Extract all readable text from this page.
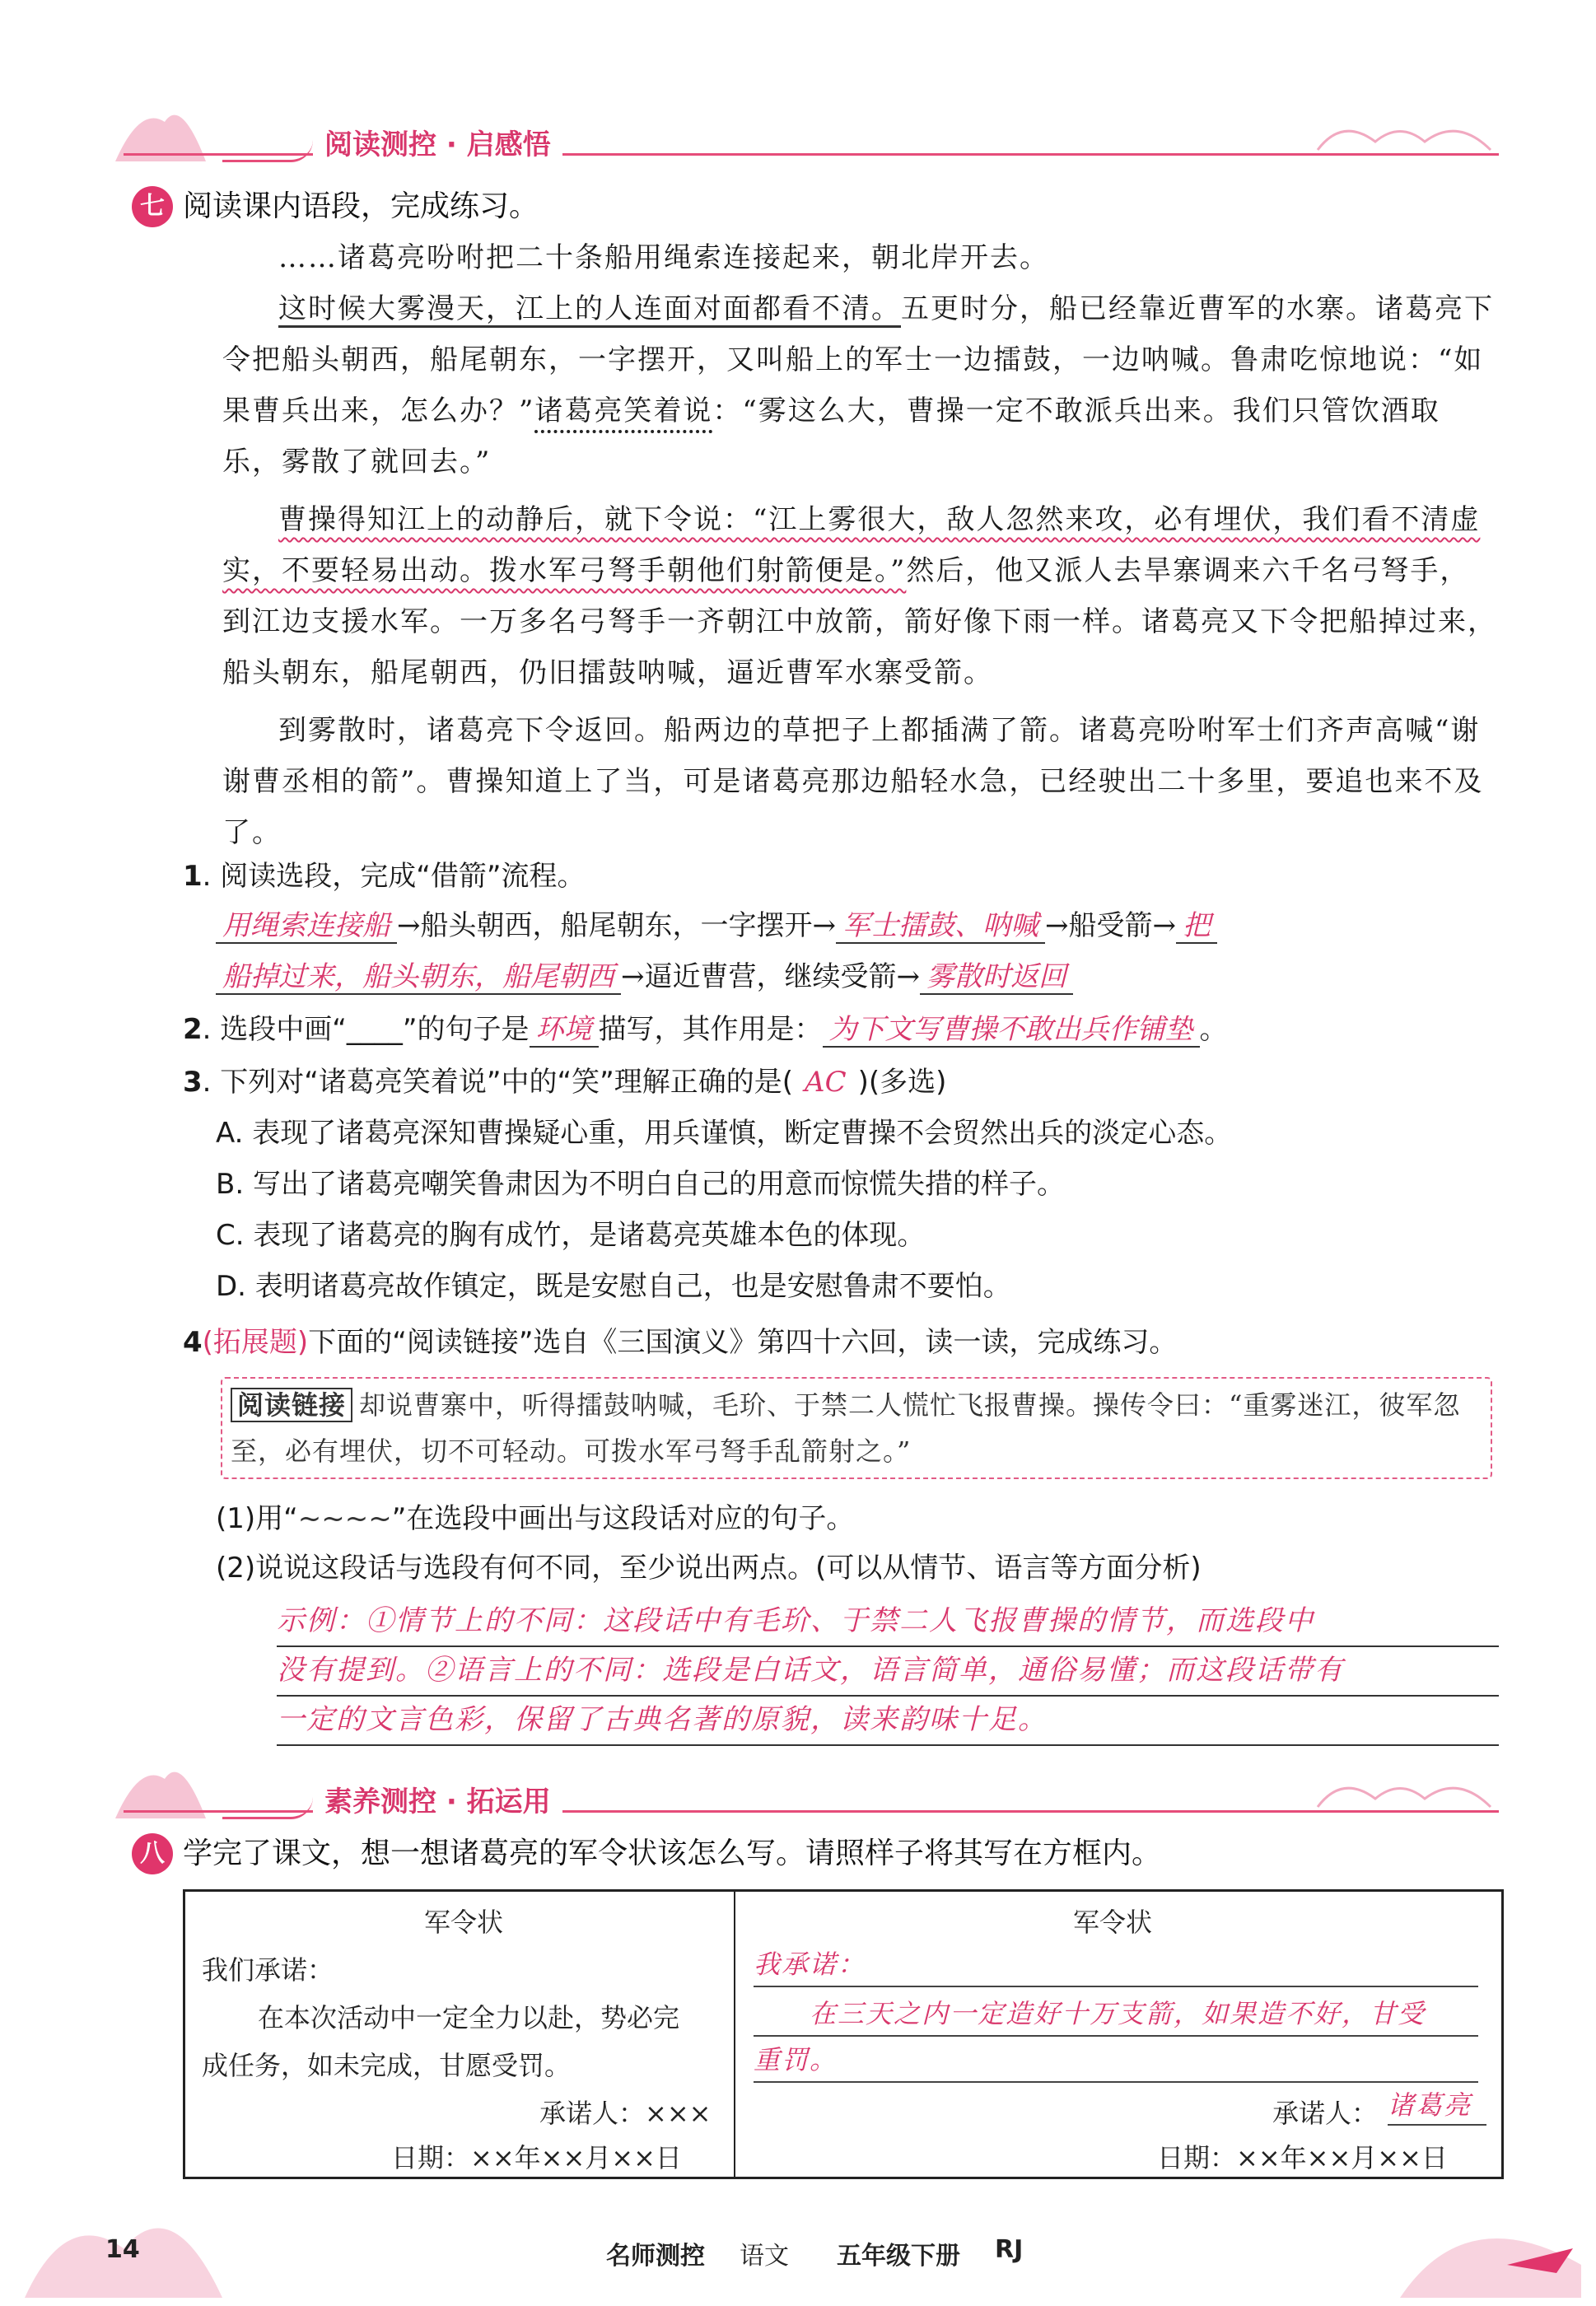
阅读测控 · 启感悟
七 阅读课内语段，完成练习。

……诸葛亮吩咐把二十条船用绳索连接起来，朝北岸开去。

这时候大雾漫天，江上的人连面对面都看不清。五更时分，船已经靠近曹军的水寨。诸葛亮下令把船头朝西，船尾朝东，一字摆开，又叫船上的军士一边擂鼓，一边呐喊。鲁肃吃惊地说：“如果曹兵出来，怎么办？”诸葛亮笑着说：“雾这么大，曹操一定不敢派兵出来。我们只管饮酒取乐，雾散了就回去。”

曹操得知江上的动静后，就下令说：“江上雾很大，敌人忽然来攻，必有埋伏，我们看不清虚实，不要轻易出动。拨水军弓弩手朝他们射箭便是。”然后，他又派人去旱寨调来六千名弓弩手，到江边支援水军。一万多名弓弩手一齐朝江中放箭，箭好像下雨一样。诸葛亮又下令把船掉过来，船头朝东，船尾朝西，仍旧擂鼓呐喊，逼近曹军水寨受箭。

到雾散时，诸葛亮下令返回。船两边的草把子上都插满了箭。诸葛亮吩咐军士们齐声高喊“谢谢曹丞相的箭”。曹操知道上了当，可是诸葛亮那边船轻水急，已经驶出二十多里，要追也来不及了。

1. 阅读选段，完成“借箭”流程。
用绳索连接船 →船头朝西，船尾朝东，一字摆开→ 军士擂鼓、呐喊 →船受箭→ 把
船掉过来，船头朝东，船尾朝西 →逼近曹营，继续受箭→ 雾散时返回
2. 选段中画“____”的句子是 环境 描写，其作用是： 为下文写曹操不敢出兵作铺垫 。
3. 下列对“诸葛亮笑着说”中的“笑”理解正确的是( AC )(多选)
A. 表现了诸葛亮深知曹操疑心重，用兵谨慎，断定曹操不会贸然出兵的淡定心态。
B. 写出了诸葛亮嘲笑鲁肃因为不明白自己的用意而惊慌失措的样子。
C. 表现了诸葛亮的胸有成竹，是诸葛亮英雄本色的体现。
D. 表明诸葛亮故作镇定，既是安慰自己，也是安慰鲁肃不要怕。
4(拓展题)下面的“阅读链接”选自《三国演义》第四十六回，读一读，完成练习。
阅读链接 却说曹寨中，听得擂鼓呐喊，毛玠、于禁二人慌忙飞报曹操。操传令曰：“重雾迷江，彼军忽至，必有埋伏，切不可轻动。可拨水军弓弩手乱箭射之。”
(1)用“~~~~”在选段中画出与这段话对应的句子。
(2)说说这段话与选段有何不同，至少说出两点。(可以从情节、语言等方面分析)
示例：①情节上的不同：这段话中有毛玠、于禁二人飞报曹操的情节，而选段中
没有提到。②语言上的不同：选段是白话文，语言简单，通俗易懂；而这段话带有
一定的文言色彩，保留了古典名著的原貌，读来韵味十足。
素养测控 · 拓运用
八 学完了课文，想一想诸葛亮的军令状该怎么写。请照样子将其写在方框内。
军令状
我们承诺：
在本次活动中一定全力以赴，势必完
成任务，如未完成，甘愿受罚。
承诺人：×××
日期：××年××月××日
军令状
我承诺：
在三天之内一定造好十万支箭，如果造不好，甘受
重罚。
承诺人： 诸葛亮
日期：××年××月××日
14	名师测控 语文 五年级下册 RJ
